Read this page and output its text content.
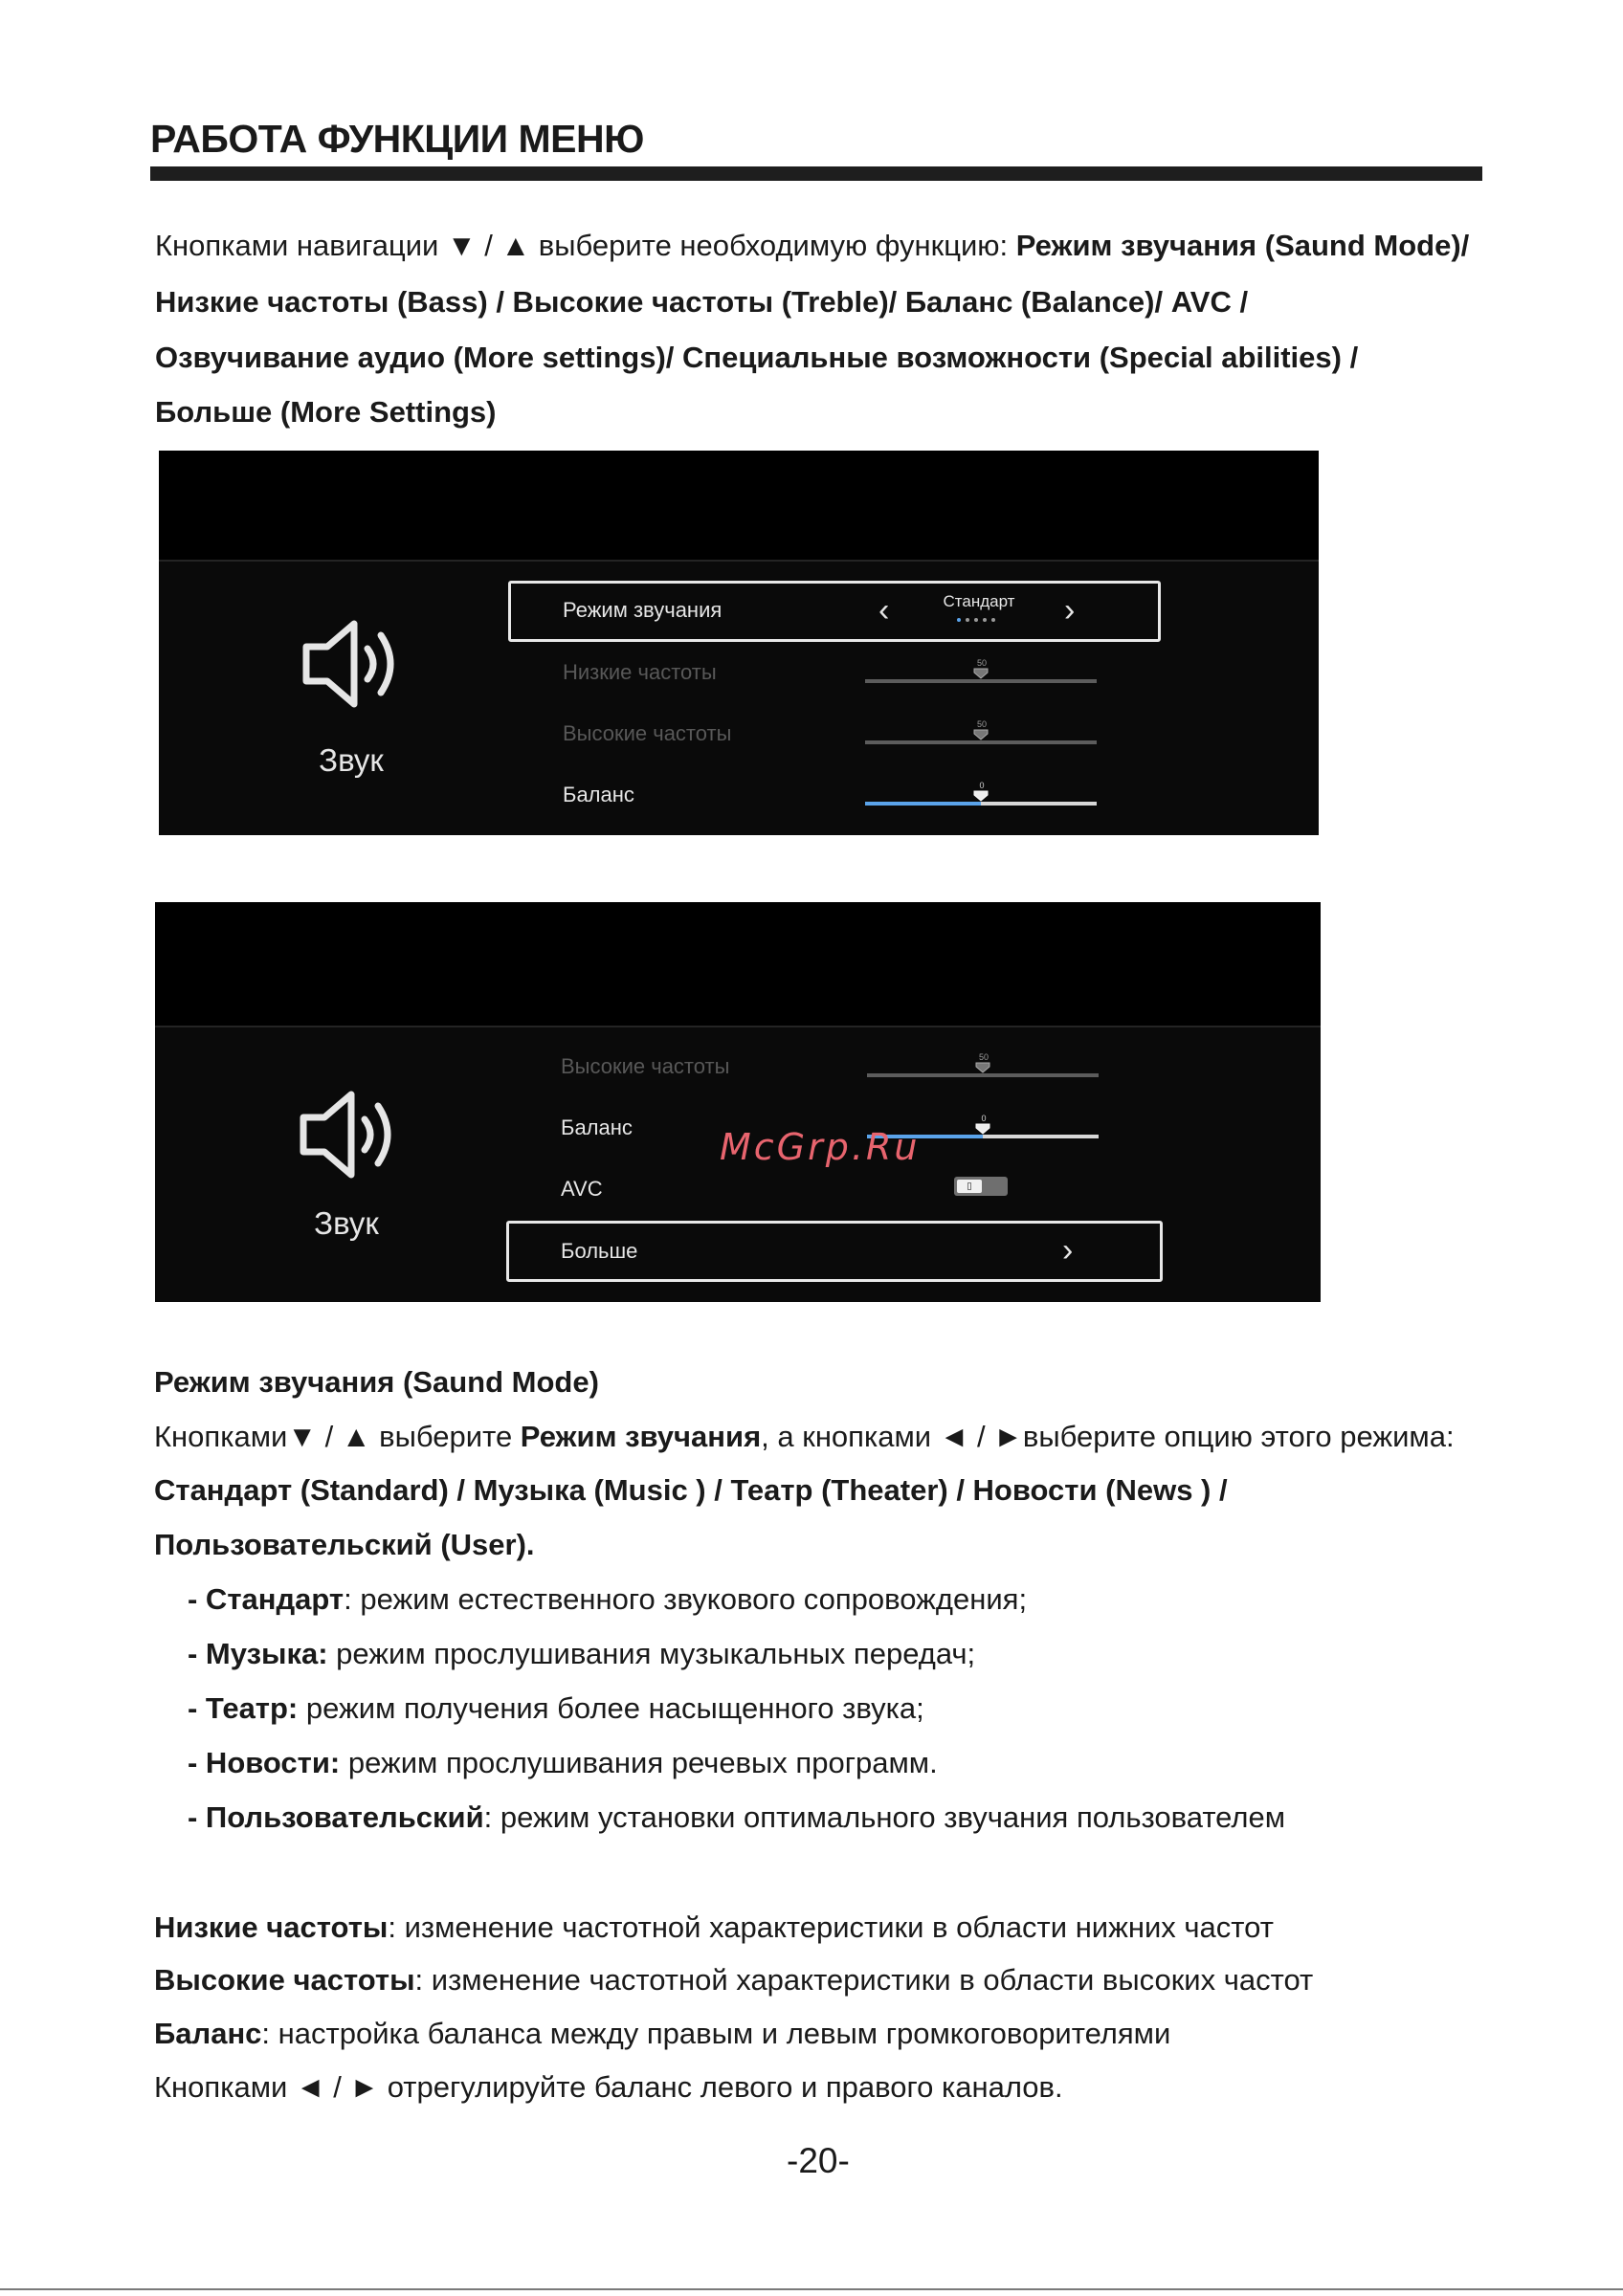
РАБОТА ФУНКЦИИ МЕНЮ
Кнопками навигации ▼ / ▲ выберите необходимую функцию: Режим звучания (Saund Mode)/
Низкие частоты (Bass) / Высокие частоты (Treble)/ Баланс (Balance)/ AVC /
Озвучивание аудио (More settings)/ Специальные возможности (Special abilities) /
Больше (More Settings)
Звук
Режим звучания	‹	Стандарт	›
Низкие частоты	50
Высокие частоты	50
Баланс	0
Звук
Высокие частоты	50
Баланс	0
AVC
Больше	›
McGrp.Ru
Режим звучания (Saund Mode)
Кнопками▼ / ▲ выберите Режим звучания, а кнопками ◄ / ►выберите опцию этого режима:
Стандарт (Standard) / Музыка (Music ) / Театр (Theater) / Новости (News ) /
Пользовательский (User).
- Стандарт: режим естественного звукового сопровождения;
- Музыка: режим прослушивания музыкальных передач;
- Театр: режим получения более насыщенного звука;
- Новости: режим прослушивания речевых программ.
- Пользовательский: режим установки оптимального звучания пользователем
Низкие частоты: изменение частотной характеристики в области нижних частот
Высокие частоты: изменение частотной характеристики в области высоких частот
Баланс: настройка баланса между правым и левым громкоговорителями
Кнопками ◄ / ► отрегулируйте баланс левого и правого каналов.
-20-
